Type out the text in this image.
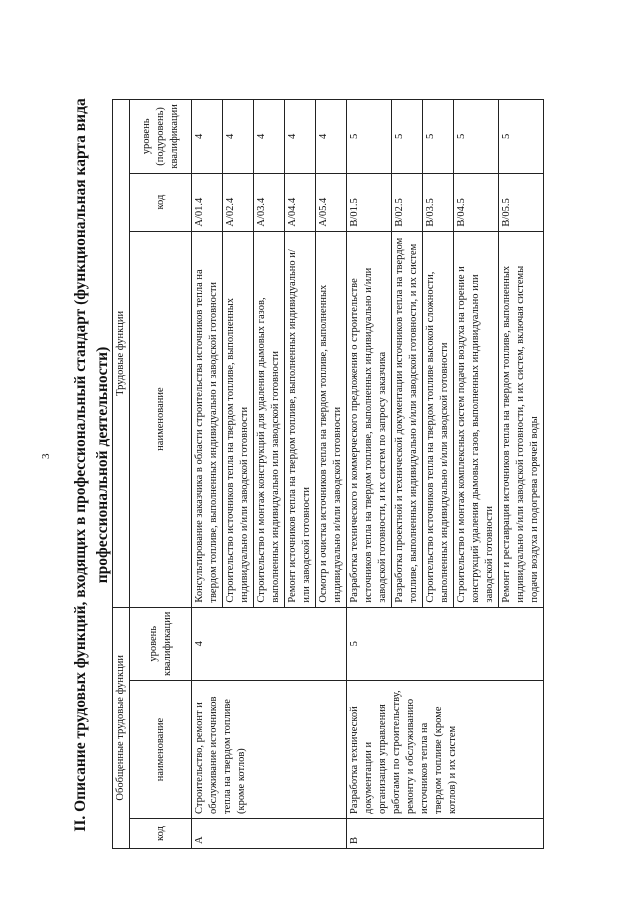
3 II. Описание трудовых функций, входящих в профессиональный стандарт (функциональная карта вида профессиональной деятельности)
Обобщенные трудовые функции			Трудовые функции		
код	наименование	уровень квалификации	наименование	код	уровень (подуровень) квалификации
А	Строительство, ремонт и обслуживание источников тепла на твердом топливе (кроме котлов)	4	Консультирование заказчика в области строительства источников тепла на твердом топливе, выполненных индивидуально и заводской готовности	А/01.4	4
			Строительство источников тепла на твердом топливе, выполненных индивидуально и/или заводской готовности	А/02.4	4
			Строительство и монтаж конструкций для удаления дымовых газов, выполненных индивидуально или заводской готовности	А/03.4	4
			Ремонт источников тепла на твердом топливе, выполненных индивидуально и/или заводской готовности	А/04.4	4
			Осмотр и очистка источников тепла на твердом топливе, выполненных индивидуально и/или заводской готовности	А/05.4	4
В	Разработка технической документации и организация управления работами по строительству, ремонту и обслуживанию источников тепла на твердом топливе (кроме котлов) и их систем	5	Разработка технического и коммерческого предложения о строительстве источников тепла на твердом топливе, выполненных индивидуально и/или заводской готовности, и их систем по запросу заказчика	В/01.5	5
			Разработка проектной и технической документации источников тепла на твердом топливе, выполненных индивидуально и/или заводской готовности, и их систем	В/02.5	5
			Строительство источников тепла на твердом топливе высокой сложности, выполненных индивидуально и/или заводской готовности	В/03.5	5
			Строительство и монтаж комплексных систем подачи воздуха на горение и конструкций удаления дымовых газов, выполненных индивидуально или заводской готовности	В/04.5	5
			Ремонт и реставрация источников тепла на твердом топливе, выполненных индивидуально и/или заводской готовности, и их систем, включая системы подачи воздуха и подогрева горячей воды	В/05.5	5
